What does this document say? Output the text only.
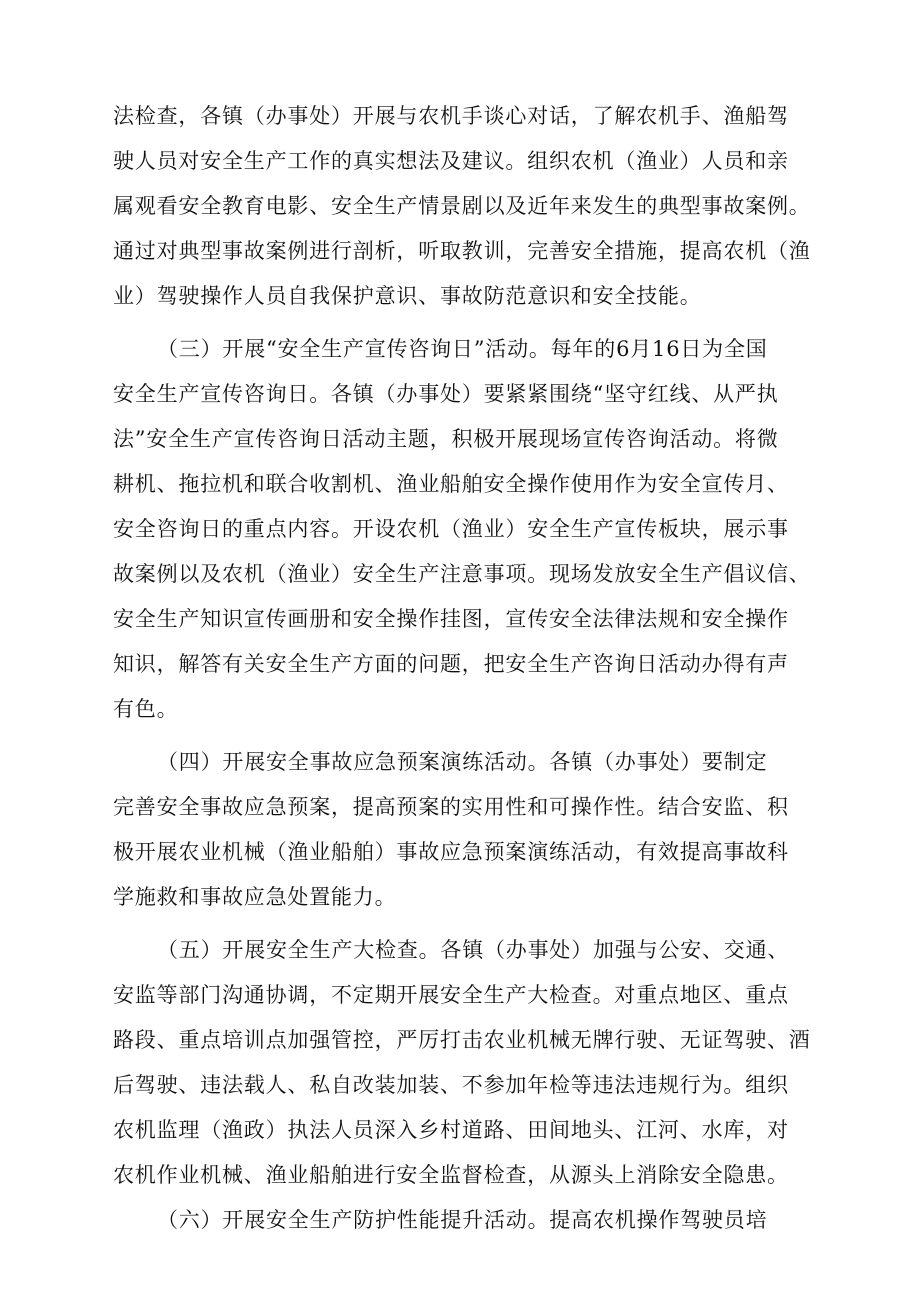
法检查，各镇（办事处）开展与农机手谈心对话，了解农机手、渔船驾
驶人员对安全生产工作的真实想法及建议。组织农机（渔业）人员和亲
属观看安全教育电影、安全生产情景剧以及近年来发生的典型事故案例。
通过对典型事故案例进行剖析，听取教训，完善安全措施，提高农机（渔
业）驾驶操作人员自我保护意识、事故防范意识和安全技能。
（三）开展“安全生产宣传咨询日”活动。每年的6月16日为全国
安全生产宣传咨询日。各镇（办事处）要紧紧围绕“坚守红线、从严执
法”安全生产宣传咨询日活动主题，积极开展现场宣传咨询活动。将微
耕机、拖拉机和联合收割机、渔业船舶安全操作使用作为安全宣传月、
安全咨询日的重点内容。开设农机（渔业）安全生产宣传板块，展示事
故案例以及农机（渔业）安全生产注意事项。现场发放安全生产倡议信、
安全生产知识宣传画册和安全操作挂图，宣传安全法律法规和安全操作
知识，解答有关安全生产方面的问题，把安全生产咨询日活动办得有声
有色。
（四）开展安全事故应急预案演练活动。各镇（办事处）要制定
完善安全事故应急预案，提高预案的实用性和可操作性。结合安监、积
极开展农业机械（渔业船舶）事故应急预案演练活动，有效提高事故科
学施救和事故应急处置能力。
（五）开展安全生产大检查。各镇（办事处）加强与公安、交通、
安监等部门沟通协调，不定期开展安全生产大检查。对重点地区、重点
路段、重点培训点加强管控，严厉打击农业机械无牌行驶、无证驾驶、酒
后驾驶、违法载人、私自改装加装、不参加年检等违法违规行为。组织
农机监理（渔政）执法人员深入乡村道路、田间地头、江河、水库，对
农机作业机械、渔业船舶进行安全监督检查，从源头上消除安全隐患。
（六）开展安全生产防护性能提升活动。提高农机操作驾驶员培
